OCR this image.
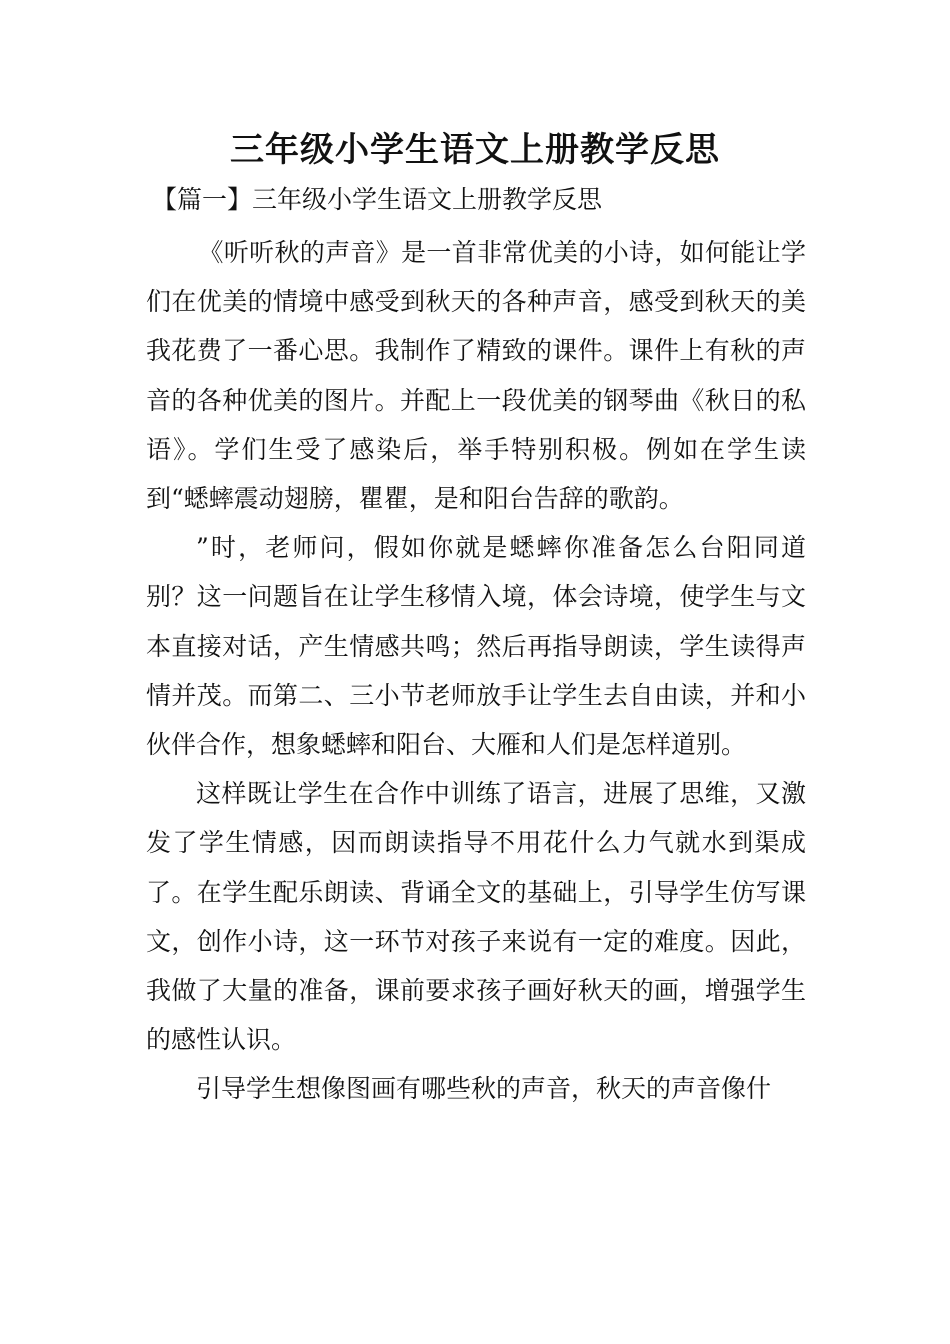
三年级小学生语文上册教学反思

【篇一】三年级小学生语文上册教学反思

《听听秋的声音》是一首非常优美的小诗，如何能让学们在优美的情境中感受到秋天的各种声音，感受到秋天的美我花费了一番心思。我制作了精致的课件。课件上有秋的声音的各种优美的图片。并配上一段优美的钢琴曲《秋日的私语》。学们生受了感染后，举手特别积极。例如在学生读到“蟋蟀震动翅膀，瞿瞿，是和阳台告辞的歌韵。

”时，老师问，假如你就是蟋蟀你准备怎么台阳同道别？这一问题旨在让学生移情入境，体会诗境，使学生与文本直接对话，产生情感共鸣；然后再指导朗读，学生读得声情并茂。而第二、三小节老师放手让学生去自由读，并和小伙伴合作，想象蟋蟀和阳台、大雁和人们是怎样道别。

这样既让学生在合作中训练了语言，进展了思维，又激发了学生情感，因而朗读指导不用花什么力气就水到渠成了。在学生配乐朗读、背诵全文的基础上，引导学生仿写课文，创作小诗，这一环节对孩子来说有一定的难度。因此，我做了大量的准备，课前要求孩子画好秋天的画，增强学生的感性认识。

引导学生想像图画有哪些秋的声音，秋天的声音像什
